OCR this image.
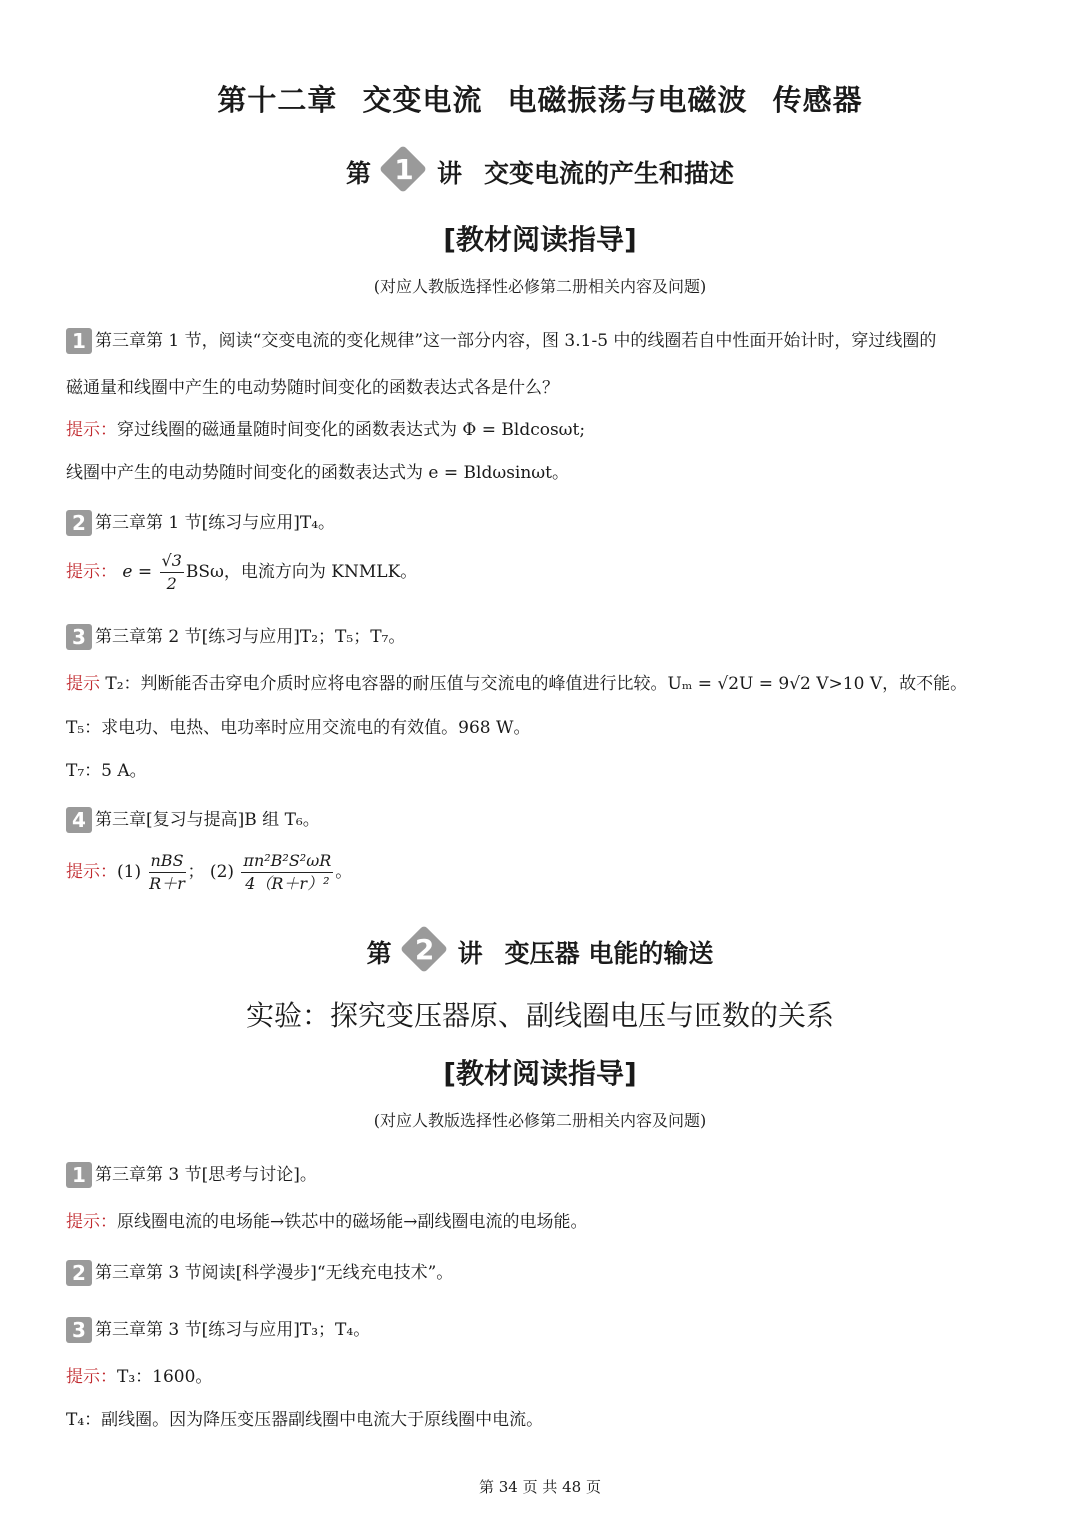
第十二章 交变电流 电磁振荡与电磁波 传感器
第 1 讲 交变电流的产生和描述
[教材阅读指导]
(对应人教版选择性必修第二册相关内容及问题)
1 第三章第 1 节，阅读“交变电流的变化规律”这一部分内容，图 3.1-5 中的线圈若自中性面开始计时，穿过线圈的
磁通量和线圈中产生的电动势随时间变化的函数表达式各是什么？
提示：穿过线圈的磁通量随时间变化的函数表达式为 Φ = Bldcosωt;
线圈中产生的电动势随时间变化的函数表达式为 e = Bldωsinωt。
2 第三章第 1 节[练习与应用]T₄。
提示： $e = \frac{√3}{2}$ BSω，电流方向为 KNMLK。
3 第三章第 2 节[练习与应用]T₂；T₅；T₇。
提示 T₂：判断能否击穿电介质时应将电容器的耐压值与交流电的峰值进行比较。Uₘ = √2U = 9√2 V>10 V，故不能。
T₅：求电功、电热、电功率时应用交流电的有效值。968 W。
T₇：5 A。
4 第三章[复习与提高]B 组 T₆。
提示：$(1) \frac{\text{nBS}}{R+r}$ ； $(2) \frac{\text{πn²B²S²ωR}}{\text{4（R＋r）²}}$ 。
第 2 讲 变压器 电能的输送
实验：探究变压器原、副线圈电压与匝数的关系
[教材阅读指导]
(对应人教版选择性必修第二册相关内容及问题)
1 第三章第 3 节[思考与讨论]。
提示：原线圈电流的电场能→铁芯中的磁场能→副线圈电流的电场能。
2 第三章第 3 节阅读[科学漫步]“无线充电技术”。
3 第三章第 3 节[练习与应用]T₃；T₄。
提示：T₃：1600。
T₄：副线圈。因为降压变压器副线圈中电流大于原线圈中电流。
第 34 页 共 48 页
